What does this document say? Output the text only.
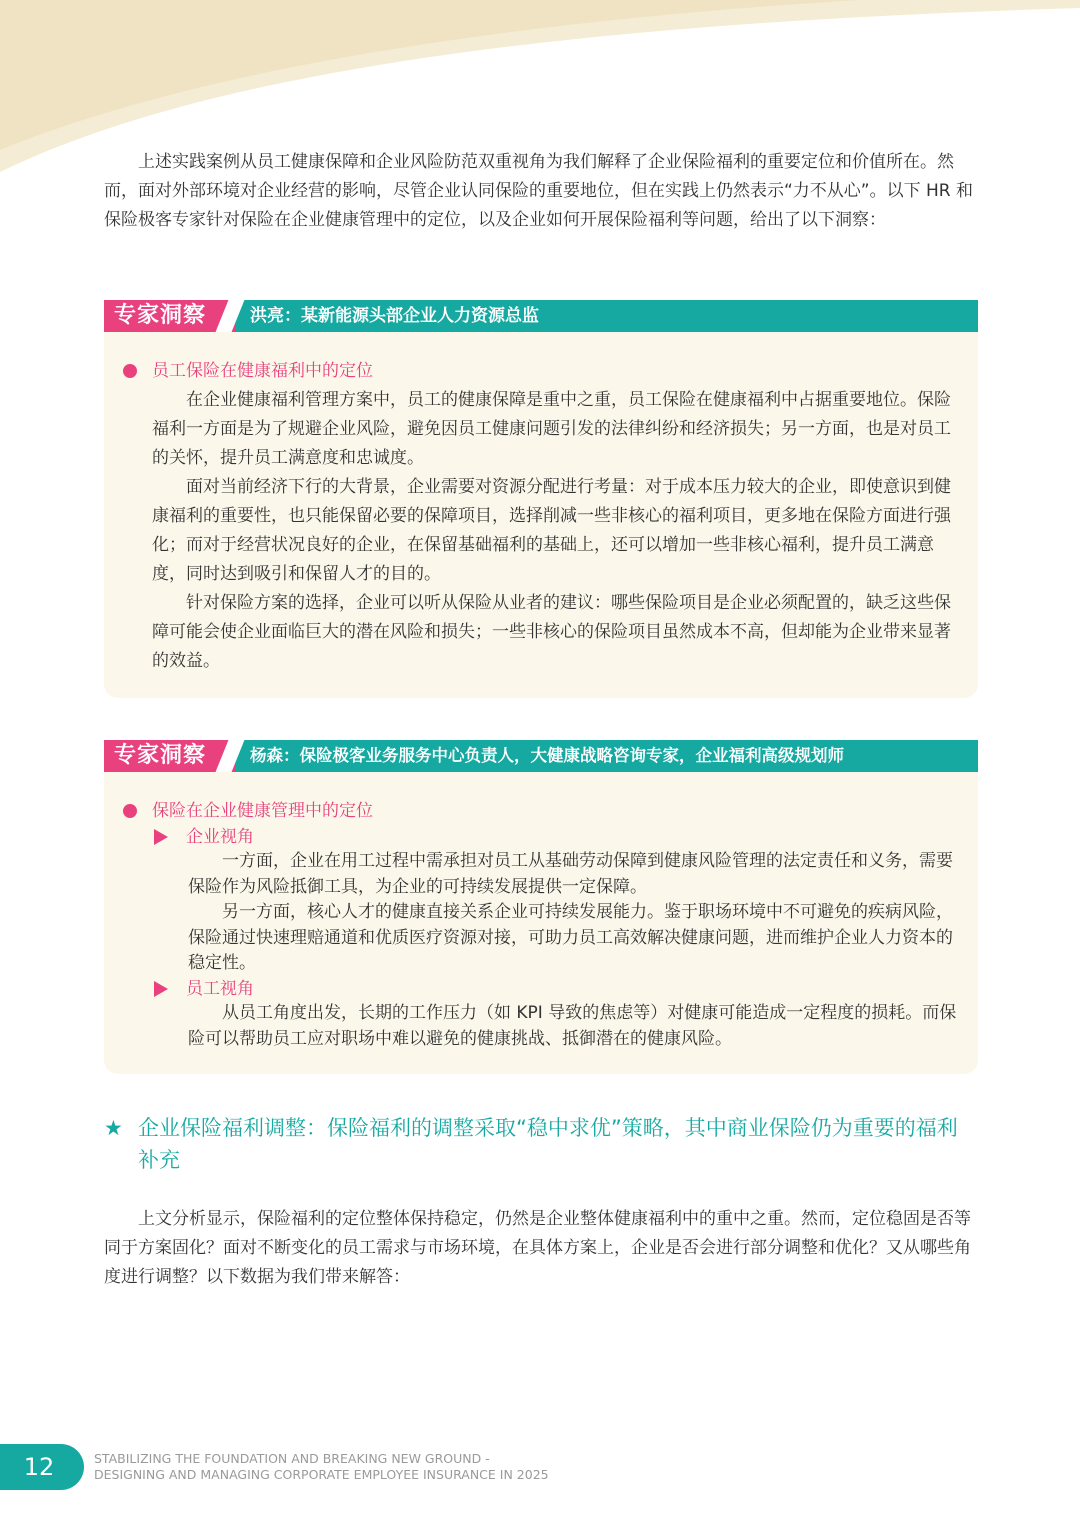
上述实践案例从员工健康保障和企业风险防范双重视角为我们解释了企业保险福利的重要定位和价值所在。然而，面对外部环境对企业经营的影响，尽管企业认同保险的重要地位，但在实践上仍然表示“力不从心”。以下 HR 和保险极客专家针对保险在企业健康管理中的定位，以及企业如何开展保险福利等问题，给出了以下洞察：

专家洞察	洪亮：某新能源头部企业人力资源总监
员工保险在健康福利中的定位

在企业健康福利管理方案中，员工的健康保障是重中之重，员工保险在健康福利中占据重要地位。保险福利一方面是为了规避企业风险，避免因员工健康问题引发的法律纠纷和经济损失；另一方面，也是对员工的关怀，提升员工满意度和忠诚度。

面对当前经济下行的大背景，企业需要对资源分配进行考量：对于成本压力较大的企业，即使意识到健康福利的重要性，也只能保留必要的保障项目，选择削减一些非核心的福利项目，更多地在保险方面进行强化；而对于经营状况良好的企业，在保留基础福利的基础上，还可以增加一些非核心福利，提升员工满意度，同时达到吸引和保留人才的目的。

针对保险方案的选择，企业可以听从保险从业者的建议：哪些保险项目是企业必须配置的，缺乏这些保障可能会使企业面临巨大的潜在风险和损失；一些非核心的保险项目虽然成本不高，但却能为企业带来显著的效益。

专家洞察	杨森：保险极客业务服务中心负责人，大健康战略咨询专家，企业福利高级规划师
保险在企业健康管理中的定位
企业视角

一方面，企业在用工过程中需承担对员工从基础劳动保障到健康风险管理的法定责任和义务，需要保险作为风险抵御工具，为企业的可持续发展提供一定保障。

另一方面，核心人才的健康直接关系企业可持续发展能力。鉴于职场环境中不可避免的疾病风险，保险通过快速理赔通道和优质医疗资源对接，可助力员工高效解决健康问题，进而维护企业人力资本的稳定性。

员工视角

从员工角度出发，长期的工作压力（如 KPI 导致的焦虑等）对健康可能造成一定程度的损耗。而保险可以帮助员工应对职场中难以避免的健康挑战、抵御潜在的健康风险。

★ 企业保险福利调整：保险福利的调整采取“稳中求优”策略，其中商业保险仍为重要的福利补充

上文分析显示，保险福利的定位整体保持稳定，仍然是企业整体健康福利中的重中之重。然而，定位稳固是否等同于方案固化？面对不断变化的员工需求与市场环境，在具体方案上，企业是否会进行部分调整和优化？又从哪些角度进行调整？以下数据为我们带来解答：

12	STABILIZING THE FOUNDATION AND BREAKING NEW GROUND -
DESIGNING AND MANAGING CORPORATE EMPLOYEE INSURANCE IN 2025
